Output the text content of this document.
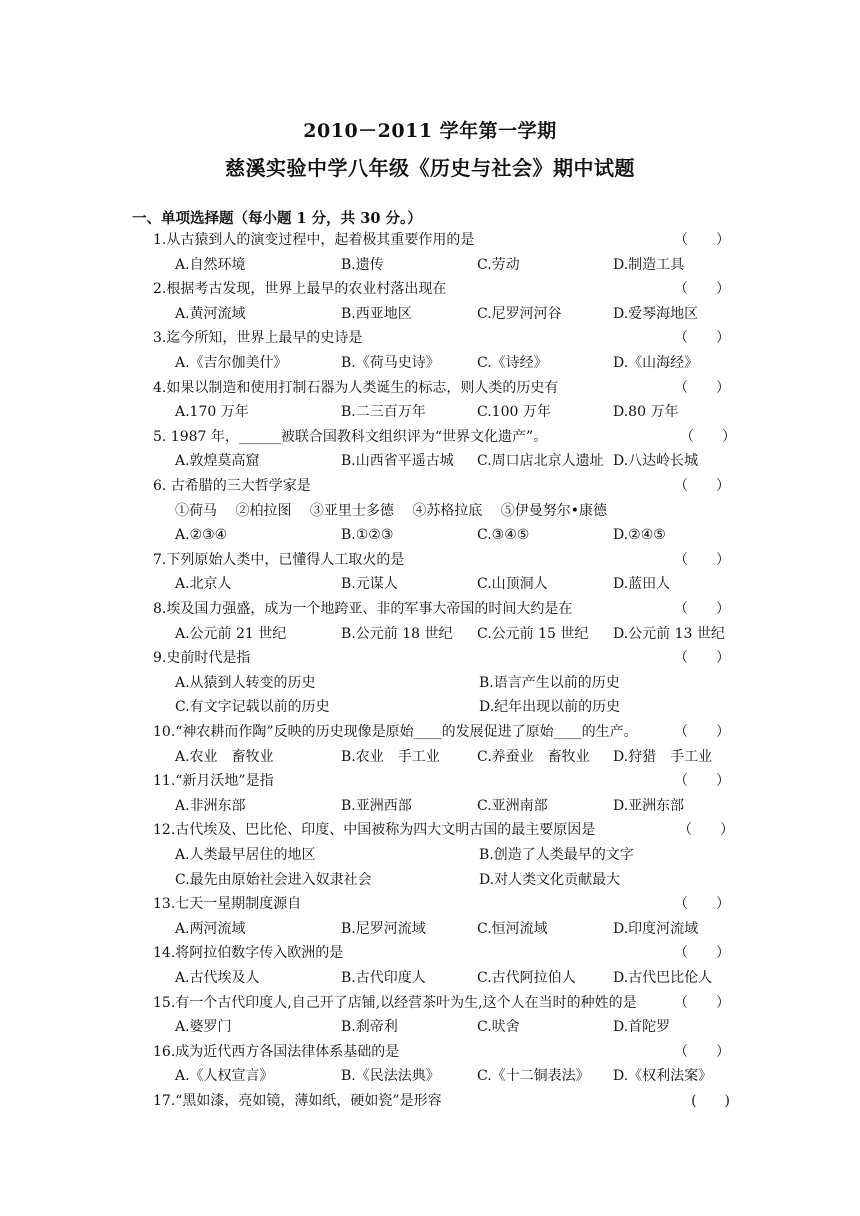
2010－2011 学年第一学期
慈溪实验中学八年级《历史与社会》期中试题
一、单项选择题（每小题 1 分，共 30 分。）
1.从古猿到人的演变过程中，起着极其重要作用的是	（　　）
A.自然环境	B.遗传	C.劳动	D.制造工具
2.根据考古发现，世界上最早的农业村落出现在	（　　）
A.黄河流域	B.西亚地区	C.尼罗河河谷	D.爱琴海地区
3.迄今所知，世界上最早的史诗是	（　　）
A.《吉尔伽美什》	B.《荷马史诗》	C.《诗经》	D.《山海经》
4.如果以制造和使用打制石器为人类诞生的标志，则人类的历史有	（　　）
A.170 万年	B.二三百万年	C.100 万年	D.80 万年
5. 1987 年，______被联合国教科文组织评为“世界文化遗产”。	（　　）
A.敦煌莫高窟	B.山西省平遥古城 C.周口店北京人遗址 D.八达岭长城
6. 古希腊的三大哲学家是	（　　）
①荷马　 ②柏拉图　 ③亚里士多德　 ④苏格拉底　 ⑤伊曼努尔•康德
A.②③④	B.①②③	C.③④⑤	D.②④⑤
7.下列原始人类中，已懂得人工取火的是	（　　）
A.北京人	B.元谋人	C.山顶洞人	D.蓝田人
8.埃及国力强盛，成为一个地跨亚、非的军事大帝国的时间大约是在	（　　）
A.公元前 21 世纪	B.公元前 18 世纪 C.公元前 15 世纪 D.公元前 13 世纪
9.史前时代是指	（　　）
A.从猿到人转变的历史	B.语言产生以前的历史
C.有文字记载以前的历史	D.纪年出现以前的历史
10.“神农耕而作陶”反映的历史现像是原始____的发展促进了原始____的生产。	（　　）
A.农业　畜牧业	B.农业　手工业	C.养蚕业　畜牧业 D.狩猎　手工业
11.“新月沃地”是指	（　　）
A.非洲东部	B.亚洲西部	C.亚洲南部	D.亚洲东部
12.古代埃及、巴比伦、印度、中国被称为四大文明古国的最主要原因是	（　　）
A.人类最早居住的地区	B.创造了人类最早的文字
C.最先由原始社会进入奴隶社会	D.对人类文化贡献最大
13.七天一星期制度源自	（　　）
A.两河流域	B.尼罗河流域	C.恒河流域	D.印度河流域
14.将阿拉伯数字传入欧洲的是	（　　）
A.古代埃及人	B.古代印度人	C.古代阿拉伯人	D.古代巴比伦人
15.有一个古代印度人,自己开了店铺,以经营茶叶为生,这个人在当时的种姓的是	（　　）
A.婆罗门	B.刹帝利	C.吠舍	D.首陀罗
16.成为近代西方各国法律体系基础的是	（　　）
A.《人权宣言》	B.《民法法典》	C.《十二铜表法》 D.《权利法案》
17.“黑如漆，亮如镜，薄如纸，硬如瓷”是形容	(　　)
